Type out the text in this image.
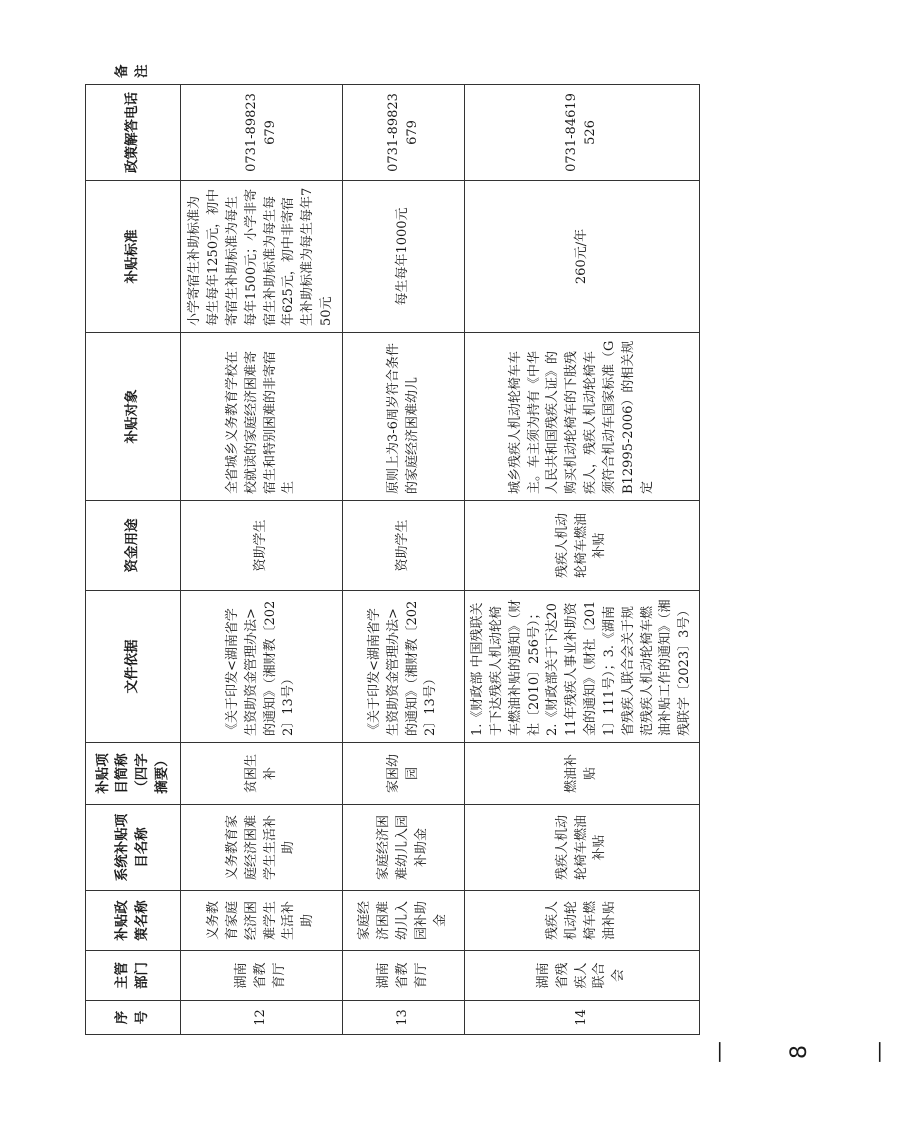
序号	主管部门	补贴政策名称	系统补贴项目名称	补贴项目简称（四字摘要）	文件依据	资金用途	补贴对象	补贴标准	政策解答电话	备注
12	湖南省教育厅	义务教育家庭经济困难学生生活补助	义务教育家庭经济困难学生生活补助	贫困生补	《关于印发<湖南省学生资助资金管理办法>的通知》（湘财教〔2022〕13号）	资助学生	全省城乡义务教育学校在校就读的家庭经济困难寄宿生和特别困难的非寄宿生	小学寄宿生补助标准为每生每年1250元，初中寄宿生补助标准为每生每年1500元；小学非寄宿生补助标准为每生每年625元，初中非寄宿生补助标准为每生每年750元	0731-89823679	
13	湖南省教育厅	家庭经济困难幼儿入园补助金	家庭经济困难幼儿入园补助金	家困幼园	《关于印发<湖南省学生资助资金管理办法>的通知》（湘财教〔2022〕13号）	资助学生	原则上为3-6周岁符合条件的家庭经济困难幼儿	每生每年1000元	0731-89823679	
14	湖南省残疾人联合会	残疾人机动轮椅车燃油补贴	残疾人机动轮椅车燃油补贴	燃油补贴	1.《财政部 中国残联关于下达残疾人机动轮椅车燃油补贴的通知》（财社〔2010〕256号）；2.《财政部关于下达2011年残疾人事业补助资金的通知》（财社〔2011〕111号）；3.《湖南省残疾人联合会关于规范残疾人机动轮椅车燃油补贴工作的通知》（湘残联字〔2023〕3号）	残疾人机动轮椅车燃油补贴	城乡残疾人机动轮椅车车主。车主须为持有《中华人民共和国残疾人证》的购买机动轮椅车的下肢残疾人，残疾人机动轮椅车须符合机动车国家标准（GB12995-2006）的相关规定	260元/年	0731-84619526	
— 8 —
